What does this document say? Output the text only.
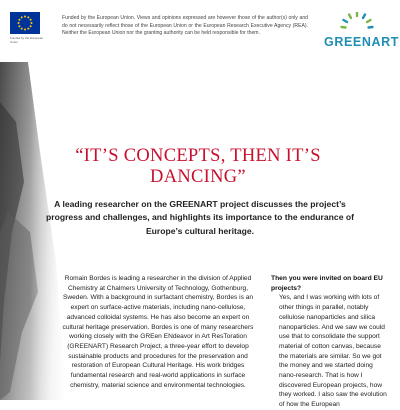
Funded by the European Union

Funded by the European Union. Views and opinions expressed are however those of the author(s) only and do not necessarily reflect those of the European Union or the European Research Executive Agency (REA). Neither the European Union nor the granting authority can be held responsible for them.

GREENART
“IT’S CONCEPTS, THEN IT’S DANCING”

A leading researcher on the GREENART project discusses the project’s progress and challenges, and highlights its importance to the endurance of Europe’s cultural heritage.

Romain Bordes is leading a researcher in the division of Applied Chemistry at Chalmers University of Technology, Gothenburg, Sweden. With a background in surfactant chemistry, Bordes is an expert on surface-active materials, including nano-cellulose, advanced colloidal systems. He has also become an expert on cultural heritage preservation. Bordes is one of many researchers working closely with the GREen ENdeavor in Art ResToration (GREENART) Research Project, a three-year effort to develop sustainable products and procedures for the preservation and restoration of European Cultural Heritage. His work bridges fundamental research and real-world applications in surface chemistry, material science and environmental technologies.

Then you were invited on board EU projects?

Yes, and I was working with lots of other things in parallel, notably cellulose nanoparticles and silica nanoparticles. And we saw we could use that to consolidate the support material of cotton canvas, because the materials are similar. So we got the money and we started doing nano-research. That is how I discovered European projects, how they worked. I also saw the evolution of how the European
